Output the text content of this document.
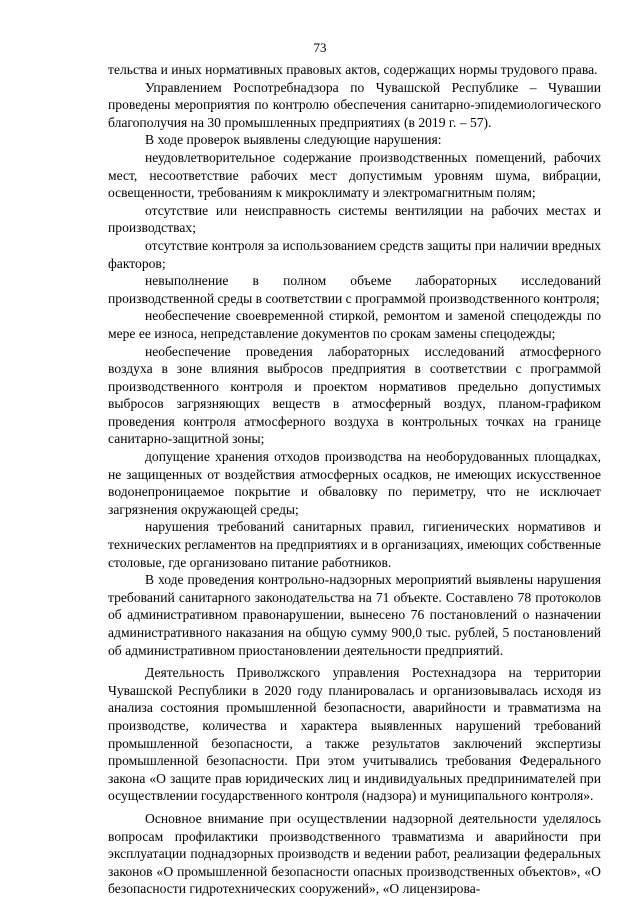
73

тельства и иных нормативных правовых актов, содержащих нормы трудового права.

Управлением Роспотребнадзора по Чувашской Республике – Чувашии проведены мероприятия по контролю обеспечения санитарно-эпидемиологического благополучия на 30 промышленных предприятиях (в 2019 г. – 57).

В ходе проверок выявлены следующие нарушения:

неудовлетворительное содержание производственных помещений, рабочих мест, несоответствие рабочих мест допустимым уровням шума, вибрации, освещенности, требованиям к микроклимату и электромагнитным полям;

отсутствие или неисправность системы вентиляции на рабочих местах и производствах;

отсутствие контроля за использованием средств защиты при наличии вредных факторов;

невыполнение в полном объеме лабораторных исследований производственной среды в соответствии с программой производственного контроля;

необеспечение своевременной стиркой, ремонтом и заменой спецодежды по мере ее износа, непредставление документов по срокам замены спецодежды;

необеспечение проведения лабораторных исследований атмосферного воздуха в зоне влияния выбросов предприятия в соответствии с программой производственного контроля и проектом нормативов предельно допустимых выбросов загрязняющих веществ в атмосферный воздух, планом-графиком проведения контроля атмосферного воздуха в контрольных точках на границе санитарно-защитной зоны;

допущение хранения отходов производства на необорудованных площадках, не защищенных от воздействия атмосферных осадков, не имеющих искусственное водонепроницаемое покрытие и обваловку по периметру, что не исключает загрязнения окружающей среды;

нарушения требований санитарных правил, гигиенических нормативов и технических регламентов на предприятиях и в организациях, имеющих собственные столовые, где организовано питание работников.

В ходе проведения контрольно-надзорных мероприятий выявлены нарушения требований санитарного законодательства на 71 объекте. Составлено 78 протоколов об административном правонарушении, вынесено 76 постановлений о назначении административного наказания на общую сумму 900,0 тыс. рублей, 5 постановлений об административном приостановлении деятельности предприятий.

Деятельность Приволжского управления Ростехнадзора на территории Чувашской Республики в 2020 году планировалась и организовывалась исходя из анализа состояния промышленной безопасности, аварийности и травматизма на производстве, количества и характера выявленных нарушений требований промышленной безопасности, а также результатов заключений экспертизы промышленной безопасности. При этом учитывались требования Федерального закона «О защите прав юридических лиц и индивидуальных предпринимателей при осуществлении государственного контроля (надзора) и муниципального контроля».

Основное внимание при осуществлении надзорной деятельности уделялось вопросам профилактики производственного травматизма и аварийности при эксплуатации поднадзорных производств и ведении работ, реализации федеральных законов «О промышленной безопасности опасных производственных объектов», «О безопасности гидротехнических сооружений», «О лицензирова-
